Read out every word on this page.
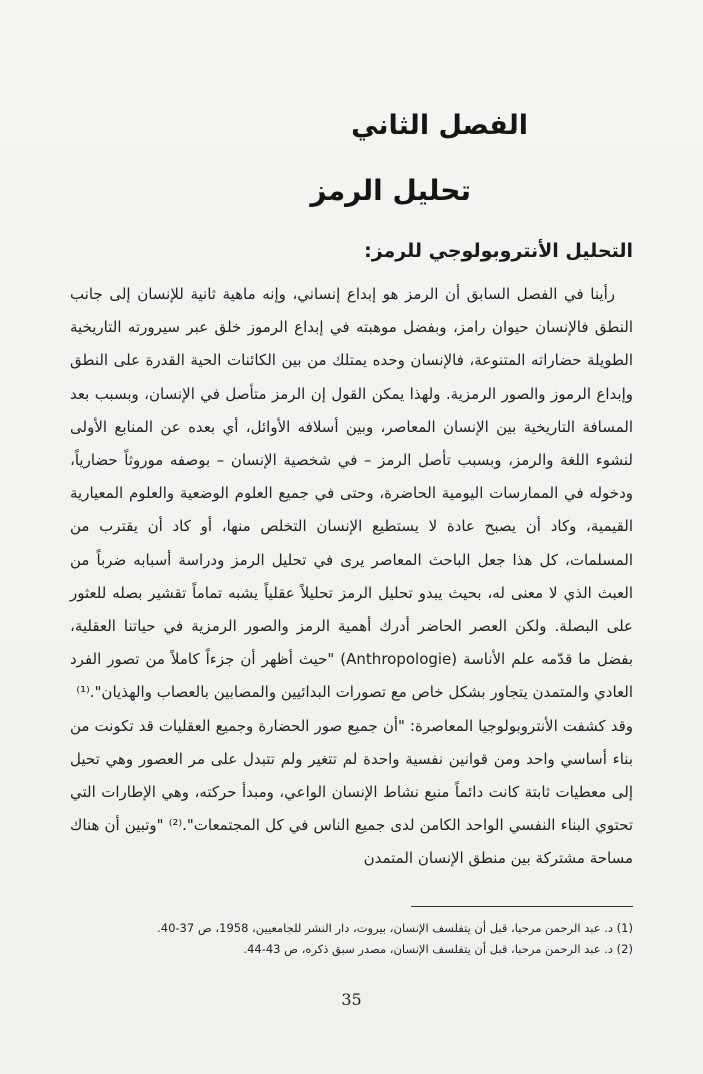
الفصل الثاني
تحليل الرمز
التحليل الأنتروبولوجي للرمز:

رأينا في الفصل السابق أن الرمز هو إبداع إنساني، وإنه ماهية ثانية للإنسان إلى جانب النطق فالإنسان حيوان رامز، وبفضل موهبته في إبداع الرموز خلق عبر سيرورته التاريخية الطويلة حضاراته المتنوعة، فالإنسان وحده يمتلك من بين الكائنات الحية القدرة على النطق وإبداع الرموز والصور الرمزية. ولهذا يمكن القول إن الرمز متأصل في الإنسان، وبسبب بعد المسافة التاريخية بين الإنسان المعاصر، وبين أسلافه الأوائل، أي بعده عن المنابع الأولى لنشوء اللغة والرمز، وبسبب تأصل الرمز – في شخصية الإنسان – بوصفه موروثاً حضارياً، ودخوله في الممارسات اليومية الحاضرة، وحتى في جميع العلوم الوضعية والعلوم المعيارية القيمية، وكاد أن يصبح عادة لا يستطيع الإنسان التخلص منها، أو كاد أن يقترب من المسلمات، كل هذا جعل الباحث المعاصر يرى في تحليل الرمز ودراسة أسبابه ضرباً من العبث الذي لا معنى له، بحيث يبدو تحليل الرمز تحليلاً عقلياً يشبه تماماً تقشير بصله للعثور على البصلة. ولكن العصر الحاضر أدرك أهمية الرمز والصور الرمزية في حياتنا العقلية، بفضل ما قدّمه علم الأناسة (Anthropologie) "حيث أظهر أن جزءاً كاملاً من تصور الفرد العادي والمتمدن يتجاور بشكل خاص مع تصورات البدائيين والمصابين بالعصاب والهذيان".⁽¹⁾

وقد كشفت الأنتروبولوجيا المعاصرة: "أن جميع صور الحضارة وجميع العقليات قد تكونت من بناء أساسي واحد ومن قوانين نفسية واحدة لم تتغير ولم تتبدل على مر العصور وهي تحيل إلى معطيات ثابتة كانت دائماً منبع نشاط الإنسان الواعي، ومبدأ حركته، وهي الإطارات التي تحتوي البناء النفسي الواحد الكامن لدى جميع الناس في كل المجتمعات".⁽²⁾ "وتبين أن هناك مساحة مشتركة بين منطق الإنسان المتمدن

(1) د. عبد الرحمن مرحبا، قبل أن يتفلسف الإنسان، بيروت، دار النشر للجامعيين، 1958، ص 37-40.
(2) د. عبد الرحمن مرحبا، قبل أن يتفلسف الإنسان، مصدر سبق ذكره، ص 43-44.
35
